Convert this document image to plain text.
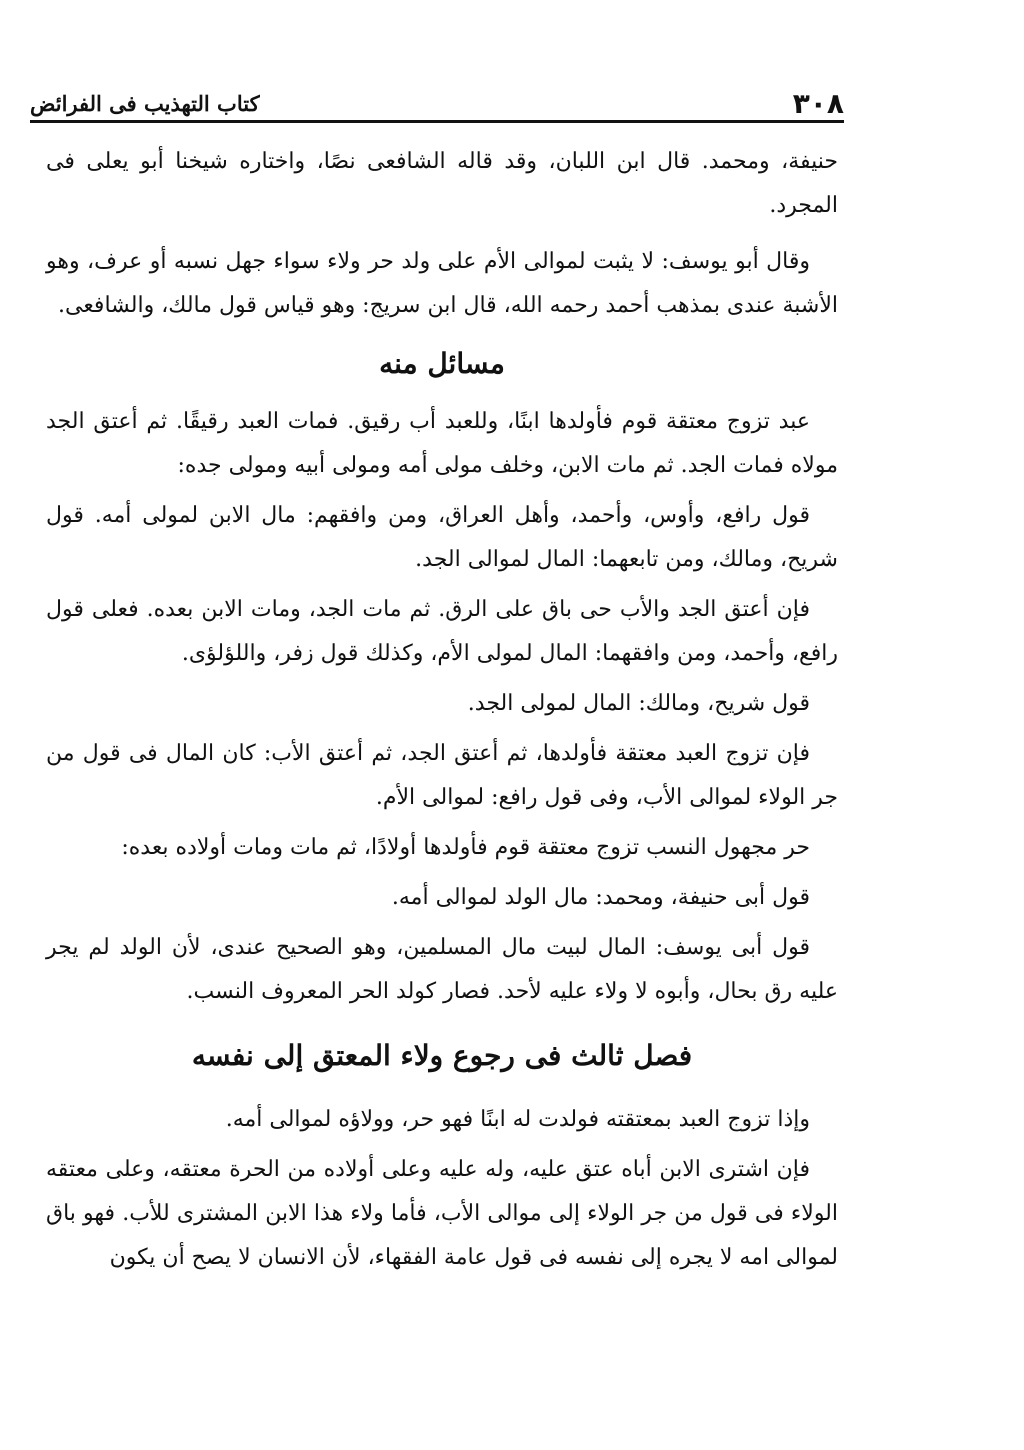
٣٠٨
كتاب التهذيب فى الفرائض

حنيفة، ومحمد. قال ابن اللبان، وقد قاله الشافعى نصًا، واختاره شيخنا أبو يعلى فى المجرد.

وقال أبو يوسف: لا يثبت لموالى الأم على ولد حر ولاء سواء جهل نسبه أو عرف، وهو الأشبة عندى بمذهب أحمد رحمه الله، قال ابن سريج: وهو قياس قول مالك، والشافعى.

مسائل منه

عبد تزوج معتقة قوم فأولدها ابنًا، وللعبد أب رقيق. فمات العبد رقيقًا. ثم أعتق الجد مولاه فمات الجد. ثم مات الابن، وخلف مولى أمه ومولى أبيه ومولى جده:

قول رافع، وأوس، وأحمد، وأهل العراق، ومن وافقهم: مال الابن لمولى أمه. قول شريح، ومالك، ومن تابعهما: المال لموالى الجد.

فإن أعتق الجد والأب حى باق على الرق. ثم مات الجد، ومات الابن بعده. فعلى قول رافع، وأحمد، ومن وافقهما: المال لمولى الأم، وكذلك قول زفر، واللؤلؤى.

قول شريح، ومالك: المال لمولى الجد.

فإن تزوج العبد معتقة فأولدها، ثم أعتق الجد، ثم أعتق الأب: كان المال فى قول من جر الولاء لموالى الأب، وفى قول رافع: لموالى الأم.

حر مجهول النسب تزوج معتقة قوم فأولدها أولادًا، ثم مات ومات أولاده بعده:

قول أبى حنيفة، ومحمد: مال الولد لموالى أمه.

قول أبى يوسف: المال لبيت مال المسلمين، وهو الصحيح عندى، لأن الولد لم يجر عليه رق بحال، وأبوه لا ولاء عليه لأحد. فصار كولد الحر المعروف النسب.

فصل ثالث فى رجوع ولاء المعتق إلى نفسه

وإذا تزوج العبد بمعتقته فولدت له ابنًا فهو حر، وولاؤه لموالى أمه.

فإن اشترى الابن أباه عتق عليه، وله عليه وعلى أولاده من الحرة معتقه، وعلى معتقه الولاء فى قول من جر الولاء إلى موالى الأب، فأما ولاء هذا الابن المشترى للأب. فهو باق لموالى امه لا يجره إلى نفسه فى قول عامة الفقهاء، لأن الانسان لا يصح أن يكون
